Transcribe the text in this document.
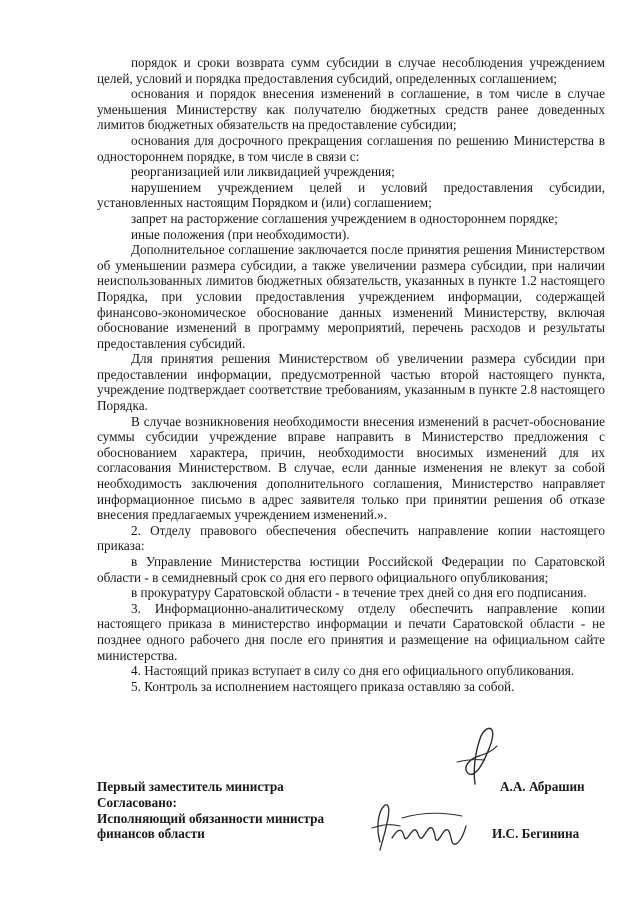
порядок и сроки возврата сумм субсидии в случае несоблюдения учреждением целей, условий и порядка предоставления субсидий, определенных соглашением;

основания и порядок внесения изменений в соглашение, в том числе в случае уменьшения Министерству как получателю бюджетных средств ранее доведенных лимитов бюджетных обязательств на предоставление субсидии;

основания для досрочного прекращения соглашения по решению Министерства в одностороннем порядке, в том числе в связи с:

реорганизацией или ликвидацией учреждения;

нарушением учреждением целей и условий предоставления субсидии, установленных настоящим Порядком и (или) соглашением;

запрет на расторжение соглашения учреждением в одностороннем порядке;

иные положения (при необходимости).

Дополнительное соглашение заключается после принятия решения Министерством об уменьшении размера субсидии, а также увеличении размера субсидии, при наличии неиспользованных лимитов бюджетных обязательств, указанных в пункте 1.2 настоящего Порядка, при условии предоставления учреждением информации, содержащей финансово-экономическое обоснование данных изменений Министерству, включая обоснование изменений в программу мероприятий, перечень расходов и результаты предоставления субсидий.

Для принятия решения Министерством об увеличении размера субсидии при предоставлении информации, предусмотренной частью второй настоящего пункта, учреждение подтверждает соответствие требованиям, указанным в пункте 2.8 настоящего Порядка.

В случае возникновения необходимости внесения изменений в расчет-обоснование суммы субсидии учреждение вправе направить в Министерство предложения с обоснованием характера, причин, необходимости вносимых изменений для их согласования Министерством. В случае, если данные изменения не влекут за собой необходимость заключения дополнительного соглашения, Министерство направляет информационное письмо в адрес заявителя только при принятии решения об отказе внесения предлагаемых учреждением изменений.».

2. Отделу правового обеспечения обеспечить направление копии настоящего приказа:

в Управление Министерства юстиции Российской Федерации по Саратовской области - в семидневный срок со дня его первого официального опубликования;

в прокуратуру Саратовской области - в течение трех дней со дня его подписания.

3. Информационно-аналитическому отделу обеспечить направление копии настоящего приказа в министерство информации и печати Саратовской области - не позднее одного рабочего дня после его принятия и размещение на официальном сайте министерства.

4. Настоящий приказ вступает в силу со дня его официального опубликования.

5. Контроль за исполнением настоящего приказа оставляю за собой.

Первый заместитель министра	А.А. Абрашин
Согласовано:
Исполняющий обязанности министра
финансов области	И.С. Бегинина
